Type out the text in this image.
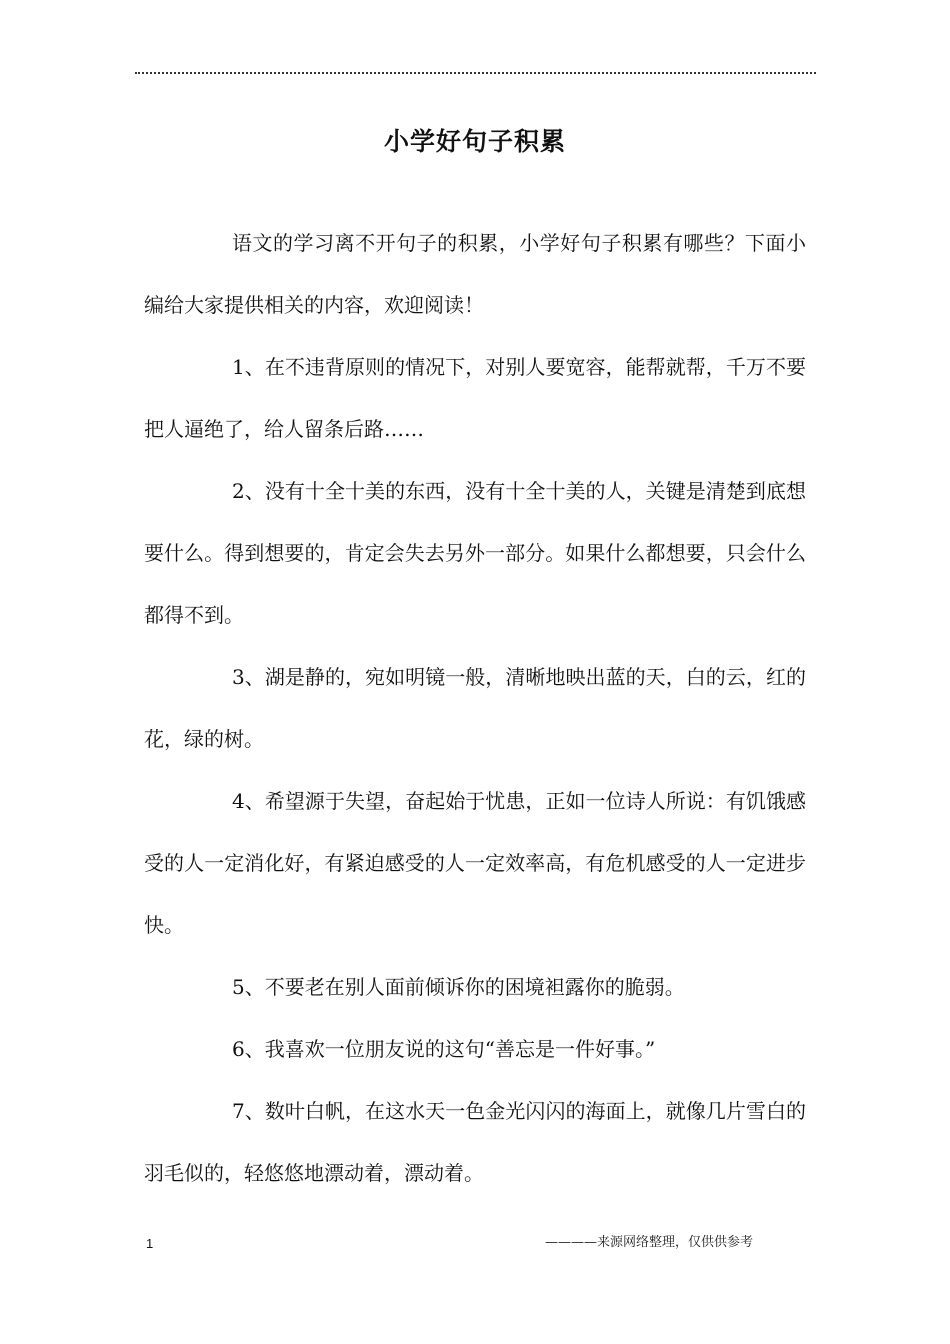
小学好句子积累

语文的学习离不开句子的积累，小学好句子积累有哪些？下面小编给大家提供相关的内容，欢迎阅读！

1、在不违背原则的情况下，对别人要宽容，能帮就帮，千万不要把人逼绝了，给人留条后路……

2、没有十全十美的东西，没有十全十美的人，关键是清楚到底想要什么。得到想要的，肯定会失去另外一部分。如果什么都想要，只会什么都得不到。

3、湖是静的，宛如明镜一般，清晰地映出蓝的天，白的云，红的花，绿的树。

4、希望源于失望，奋起始于忧患，正如一位诗人所说：有饥饿感受的人一定消化好，有紧迫感受的人一定效率高，有危机感受的人一定进步快。

5、不要老在别人面前倾诉你的困境袒露你的脆弱。

6、我喜欢一位朋友说的这句“善忘是一件好事。”

7、数叶白帆，在这水天一色金光闪闪的海面上，就像几片雪白的羽毛似的，轻悠悠地漂动着，漂动着。

1	————来源网络整理，仅供供参考
